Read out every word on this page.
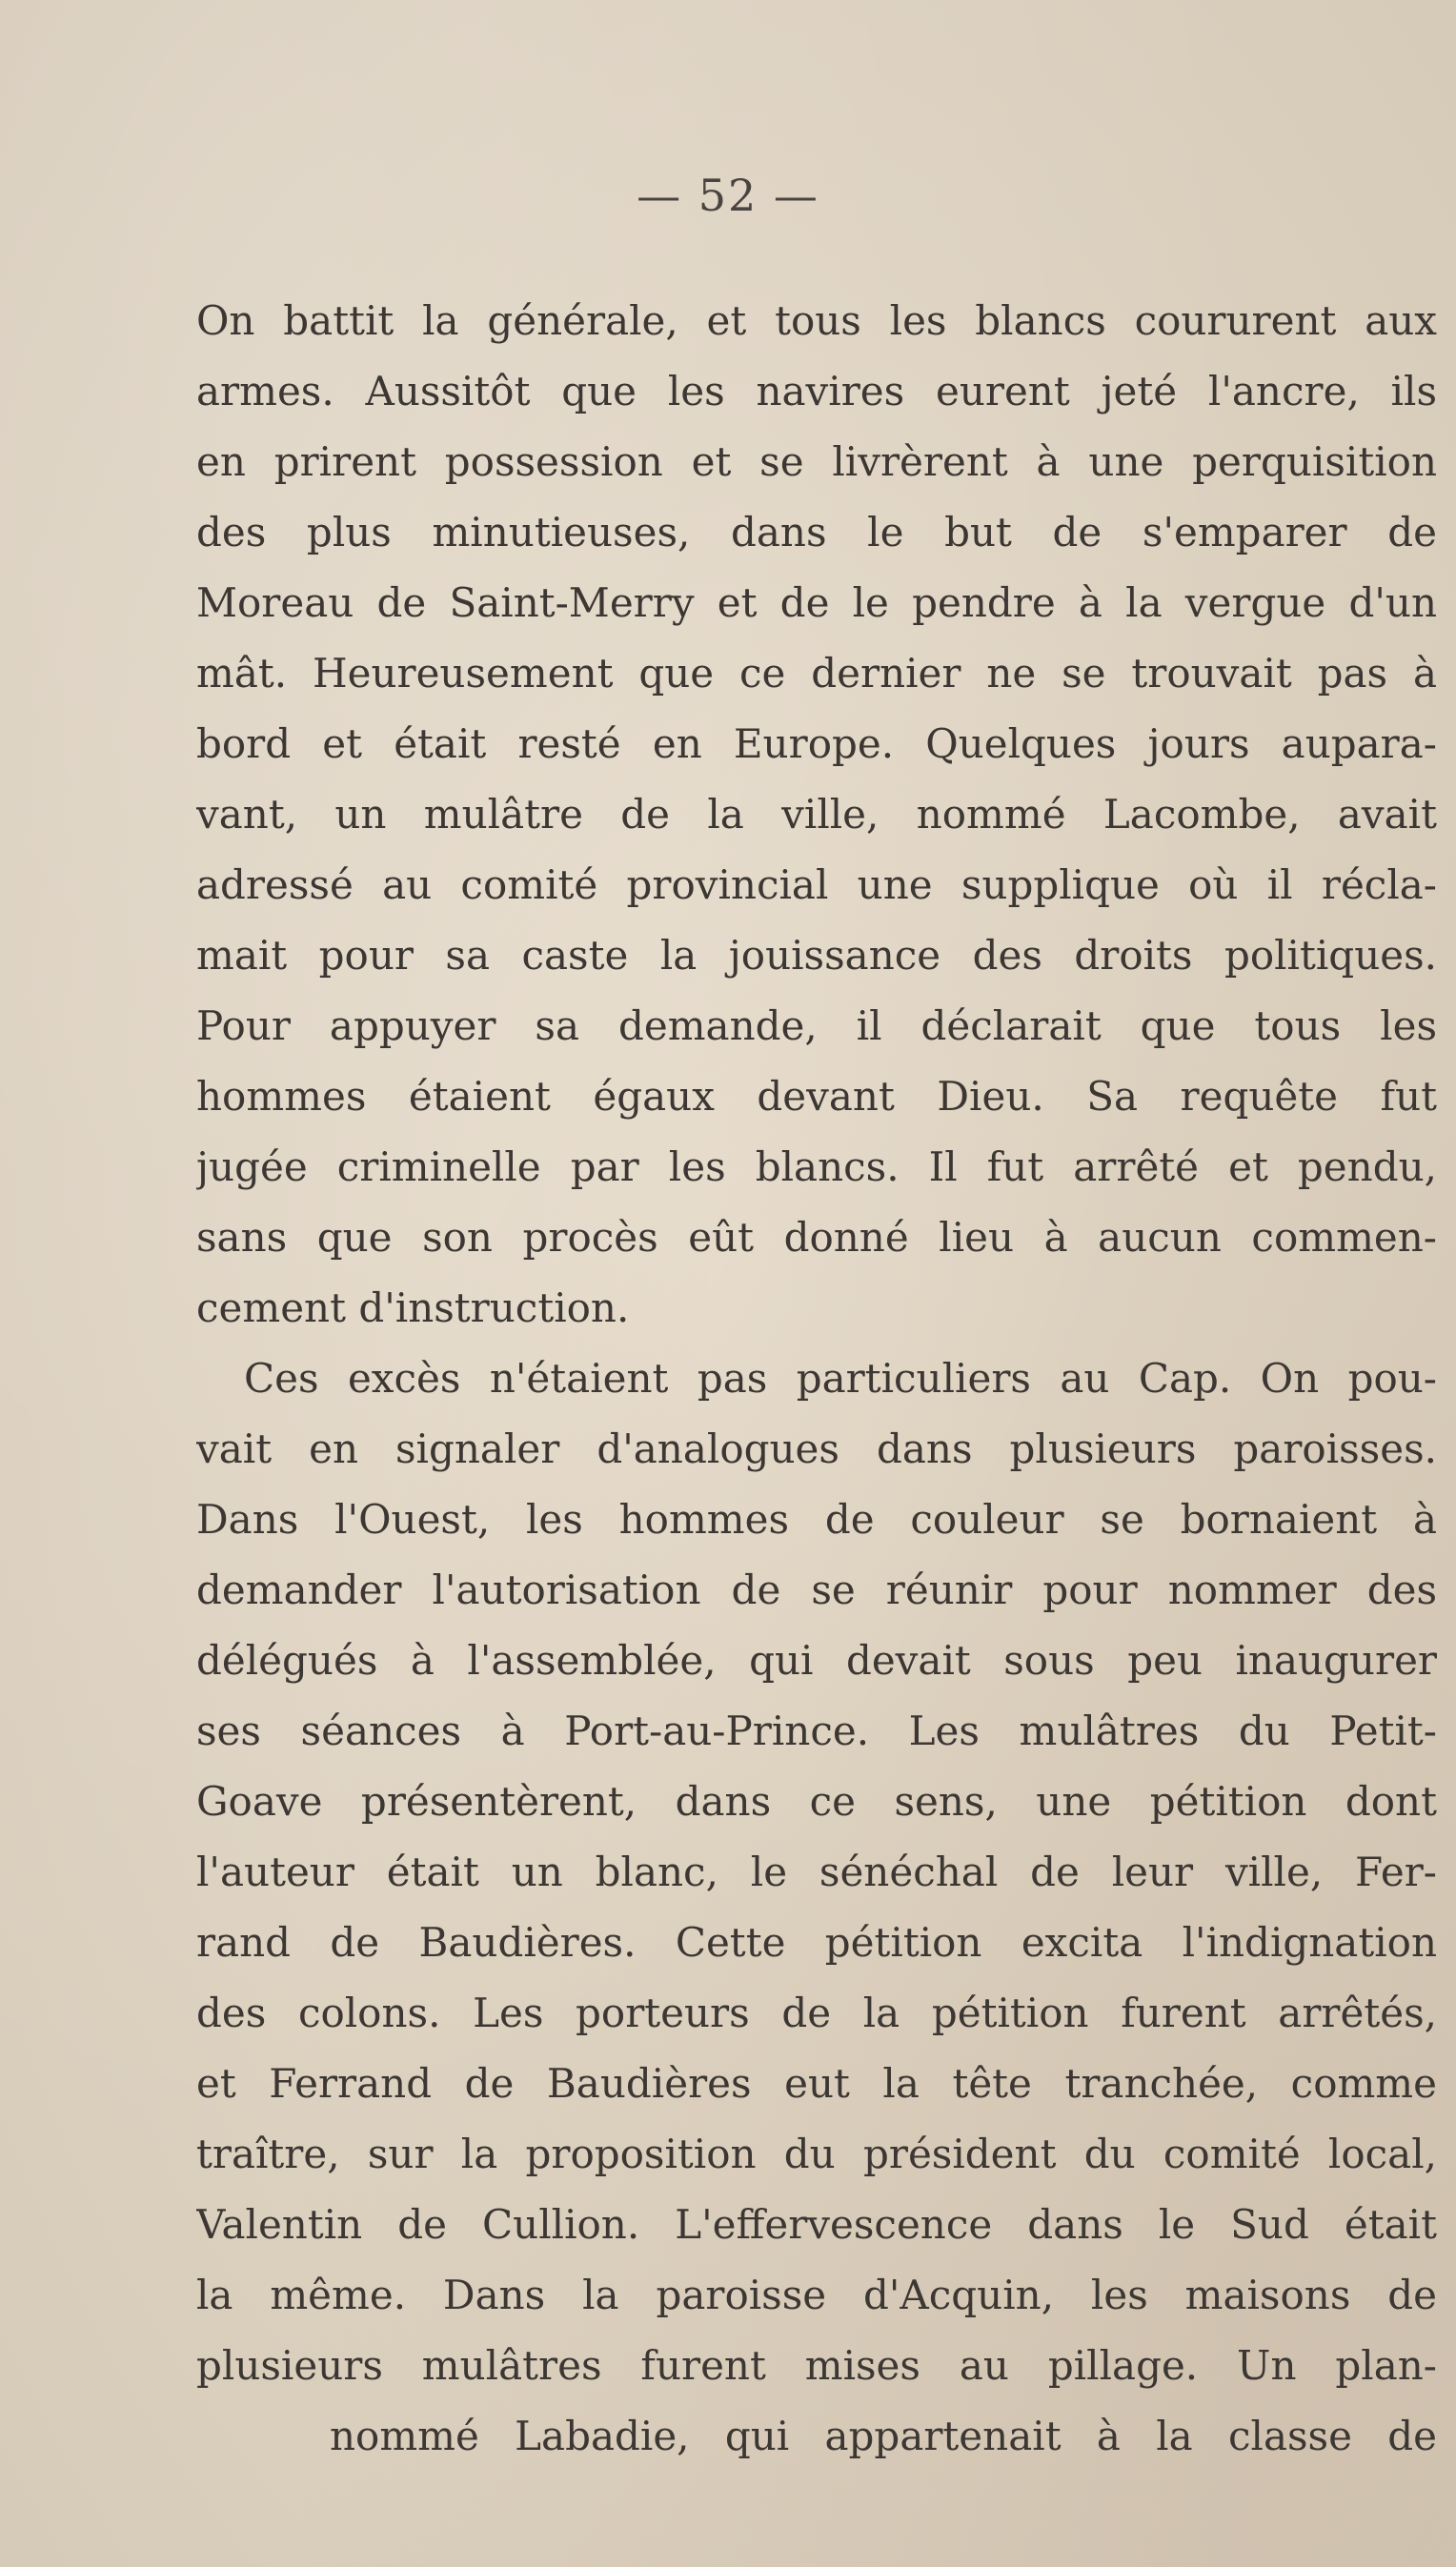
— 52 —
On battit la générale, et tous les blancs coururent aux
armes. Aussitôt que les navires eurent jeté l'ancre, ils
en prirent possession et se livrèrent à une perquisition
des plus minutieuses, dans le but de s'emparer de
Moreau de Saint-Merry et de le pendre à la vergue d'un
mât. Heureusement que ce dernier ne se trouvait pas à
bord et était resté en Europe. Quelques jours aupara-
vant, un mulâtre de la ville, nommé Lacombe, avait
adressé au comité provincial une supplique où il récla-
mait pour sa caste la jouissance des droits politiques.
Pour appuyer sa demande, il déclarait que tous les
hommes étaient égaux devant Dieu. Sa requête fut
jugée criminelle par les blancs. Il fut arrêté et pendu,
sans que son procès eût donné lieu à aucun commen-
cement d'instruction.
Ces excès n'étaient pas particuliers au Cap. On pou-
vait en signaler d'analogues dans plusieurs paroisses.
Dans l'Ouest, les hommes de couleur se bornaient à
demander l'autorisation de se réunir pour nommer des
délégués à l'assemblée, qui devait sous peu inaugurer
ses séances à Port-au-Prince. Les mulâtres du Petit-
Goave présentèrent, dans ce sens, une pétition dont
l'auteur était un blanc, le sénéchal de leur ville, Fer-
rand de Baudières. Cette pétition excita l'indignation
des colons. Les porteurs de la pétition furent arrêtés,
et Ferrand de Baudières eut la tête tranchée, comme
traître, sur la proposition du président du comité local,
Valentin de Cullion. L'effervescence dans le Sud était
la même. Dans la paroisse d'Acquin, les maisons de
plusieurs mulâtres furent mises au pillage. Un plan-
nommé Labadie, qui appartenait à la classe de
